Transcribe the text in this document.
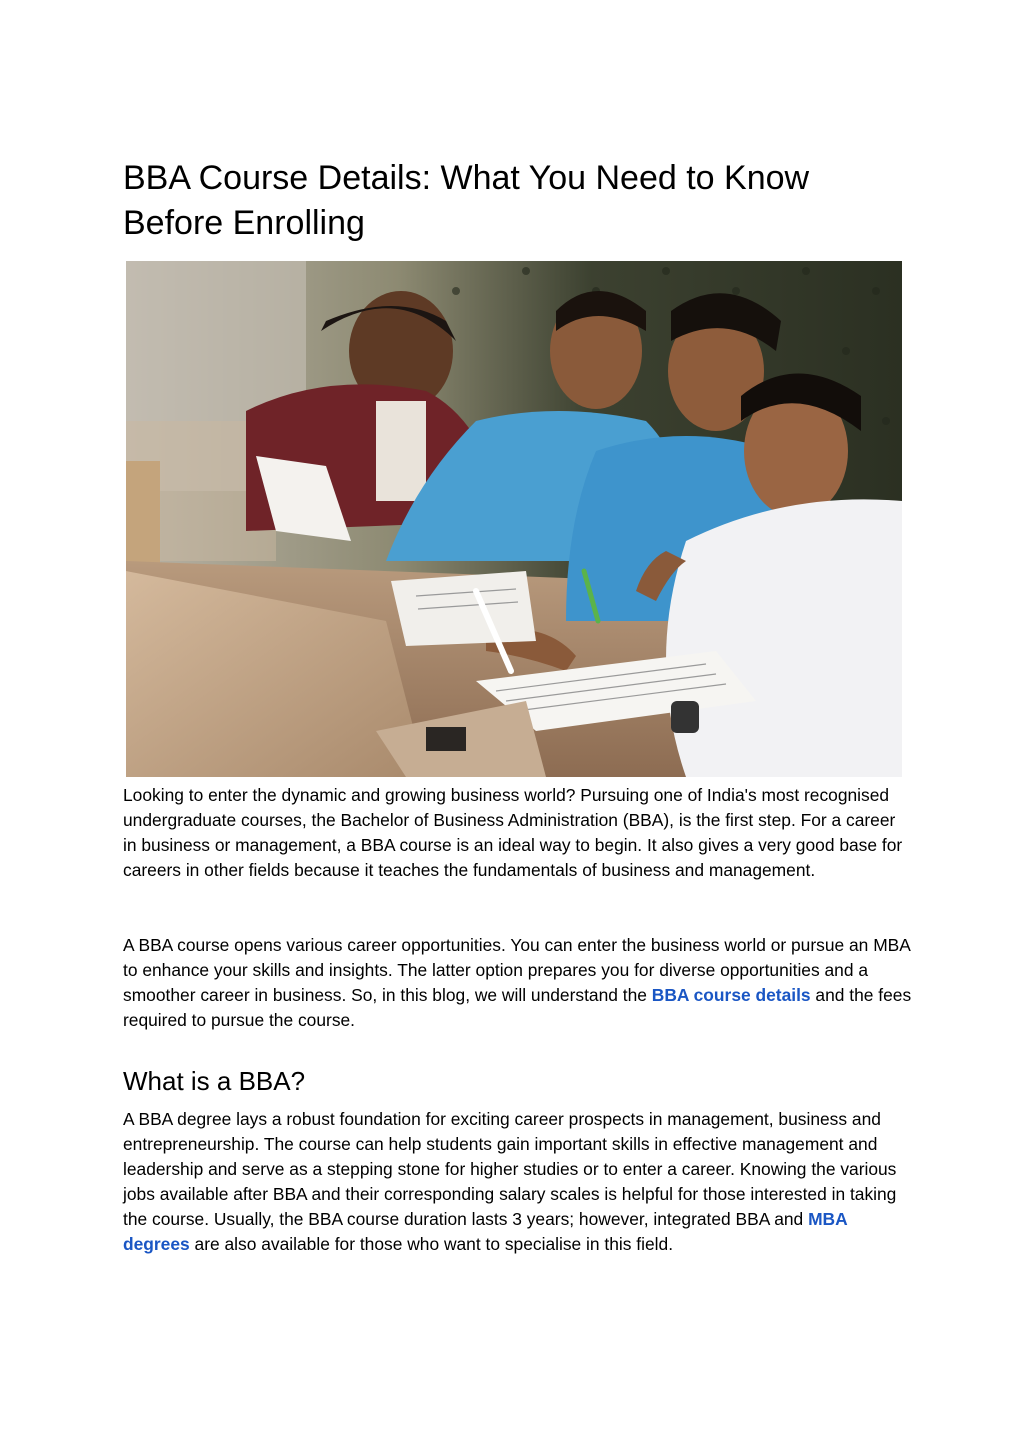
BBA Course Details: What You Need to Know Before Enrolling

Looking to enter the dynamic and growing business world? Pursuing one of India's most recognised undergraduate courses, the Bachelor of Business Administration (BBA), is the first step. For a career in business or management, a BBA course is an ideal way to begin. It also gives a very good base for careers in other fields because it teaches the fundamentals of business and management.

A BBA course opens various career opportunities. You can enter the business world or pursue an MBA to enhance your skills and insights. The latter option prepares you for diverse opportunities and a smoother career in business. So, in this blog, we will understand the BBA course details and the fees required to pursue the course.

What is a BBA?

A BBA degree lays a robust foundation for exciting career prospects in management, business and entrepreneurship. The course can help students gain important skills in effective management and leadership and serve as a stepping stone for higher studies or to enter a career. Knowing the various jobs available after BBA and their corresponding salary scales is helpful for those interested in taking the course. Usually, the BBA course duration lasts 3 years; however, integrated BBA and MBA degrees are also available for those who want to specialise in this field.
